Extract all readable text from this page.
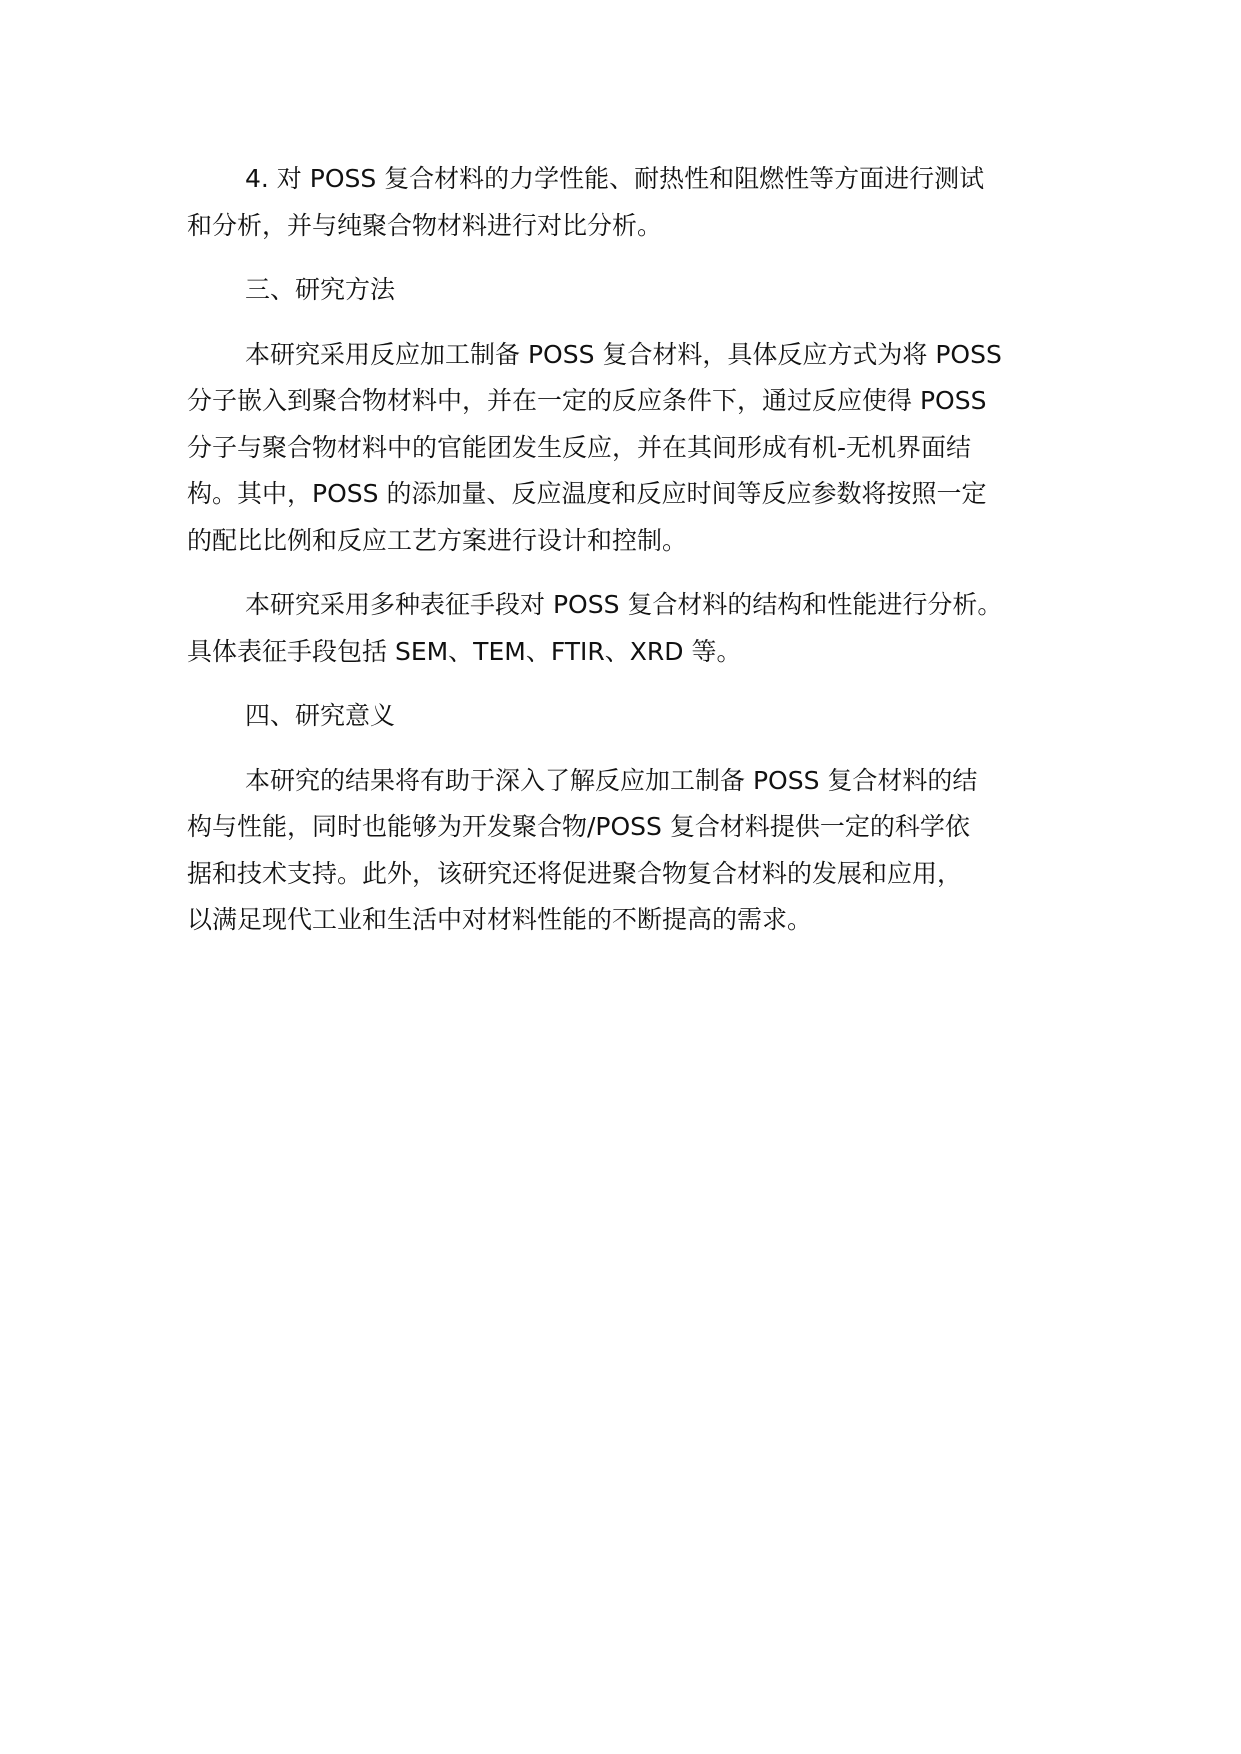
4. 对 POSS 复合材料的力学性能、耐热性和阻燃性等方面进行测试
和分析，并与纯聚合物材料进行对比分析。

三、研究方法

本研究采用反应加工制备 POSS 复合材料，具体反应方式为将 POSS
分子嵌入到聚合物材料中，并在一定的反应条件下，通过反应使得 POSS
分子与聚合物材料中的官能团发生反应，并在其间形成有机-无机界面结
构。其中，POSS 的添加量、反应温度和反应时间等反应参数将按照一定
的配比比例和反应工艺方案进行设计和控制。

本研究采用多种表征手段对 POSS 复合材料的结构和性能进行分析。
具体表征手段包括 SEM、TEM、FTIR、XRD 等。

四、研究意义

本研究的结果将有助于深入了解反应加工制备 POSS 复合材料的结
构与性能，同时也能够为开发聚合物/POSS 复合材料提供一定的科学依
据和技术支持。此外，该研究还将促进聚合物复合材料的发展和应用，
以满足现代工业和生活中对材料性能的不断提高的需求。
